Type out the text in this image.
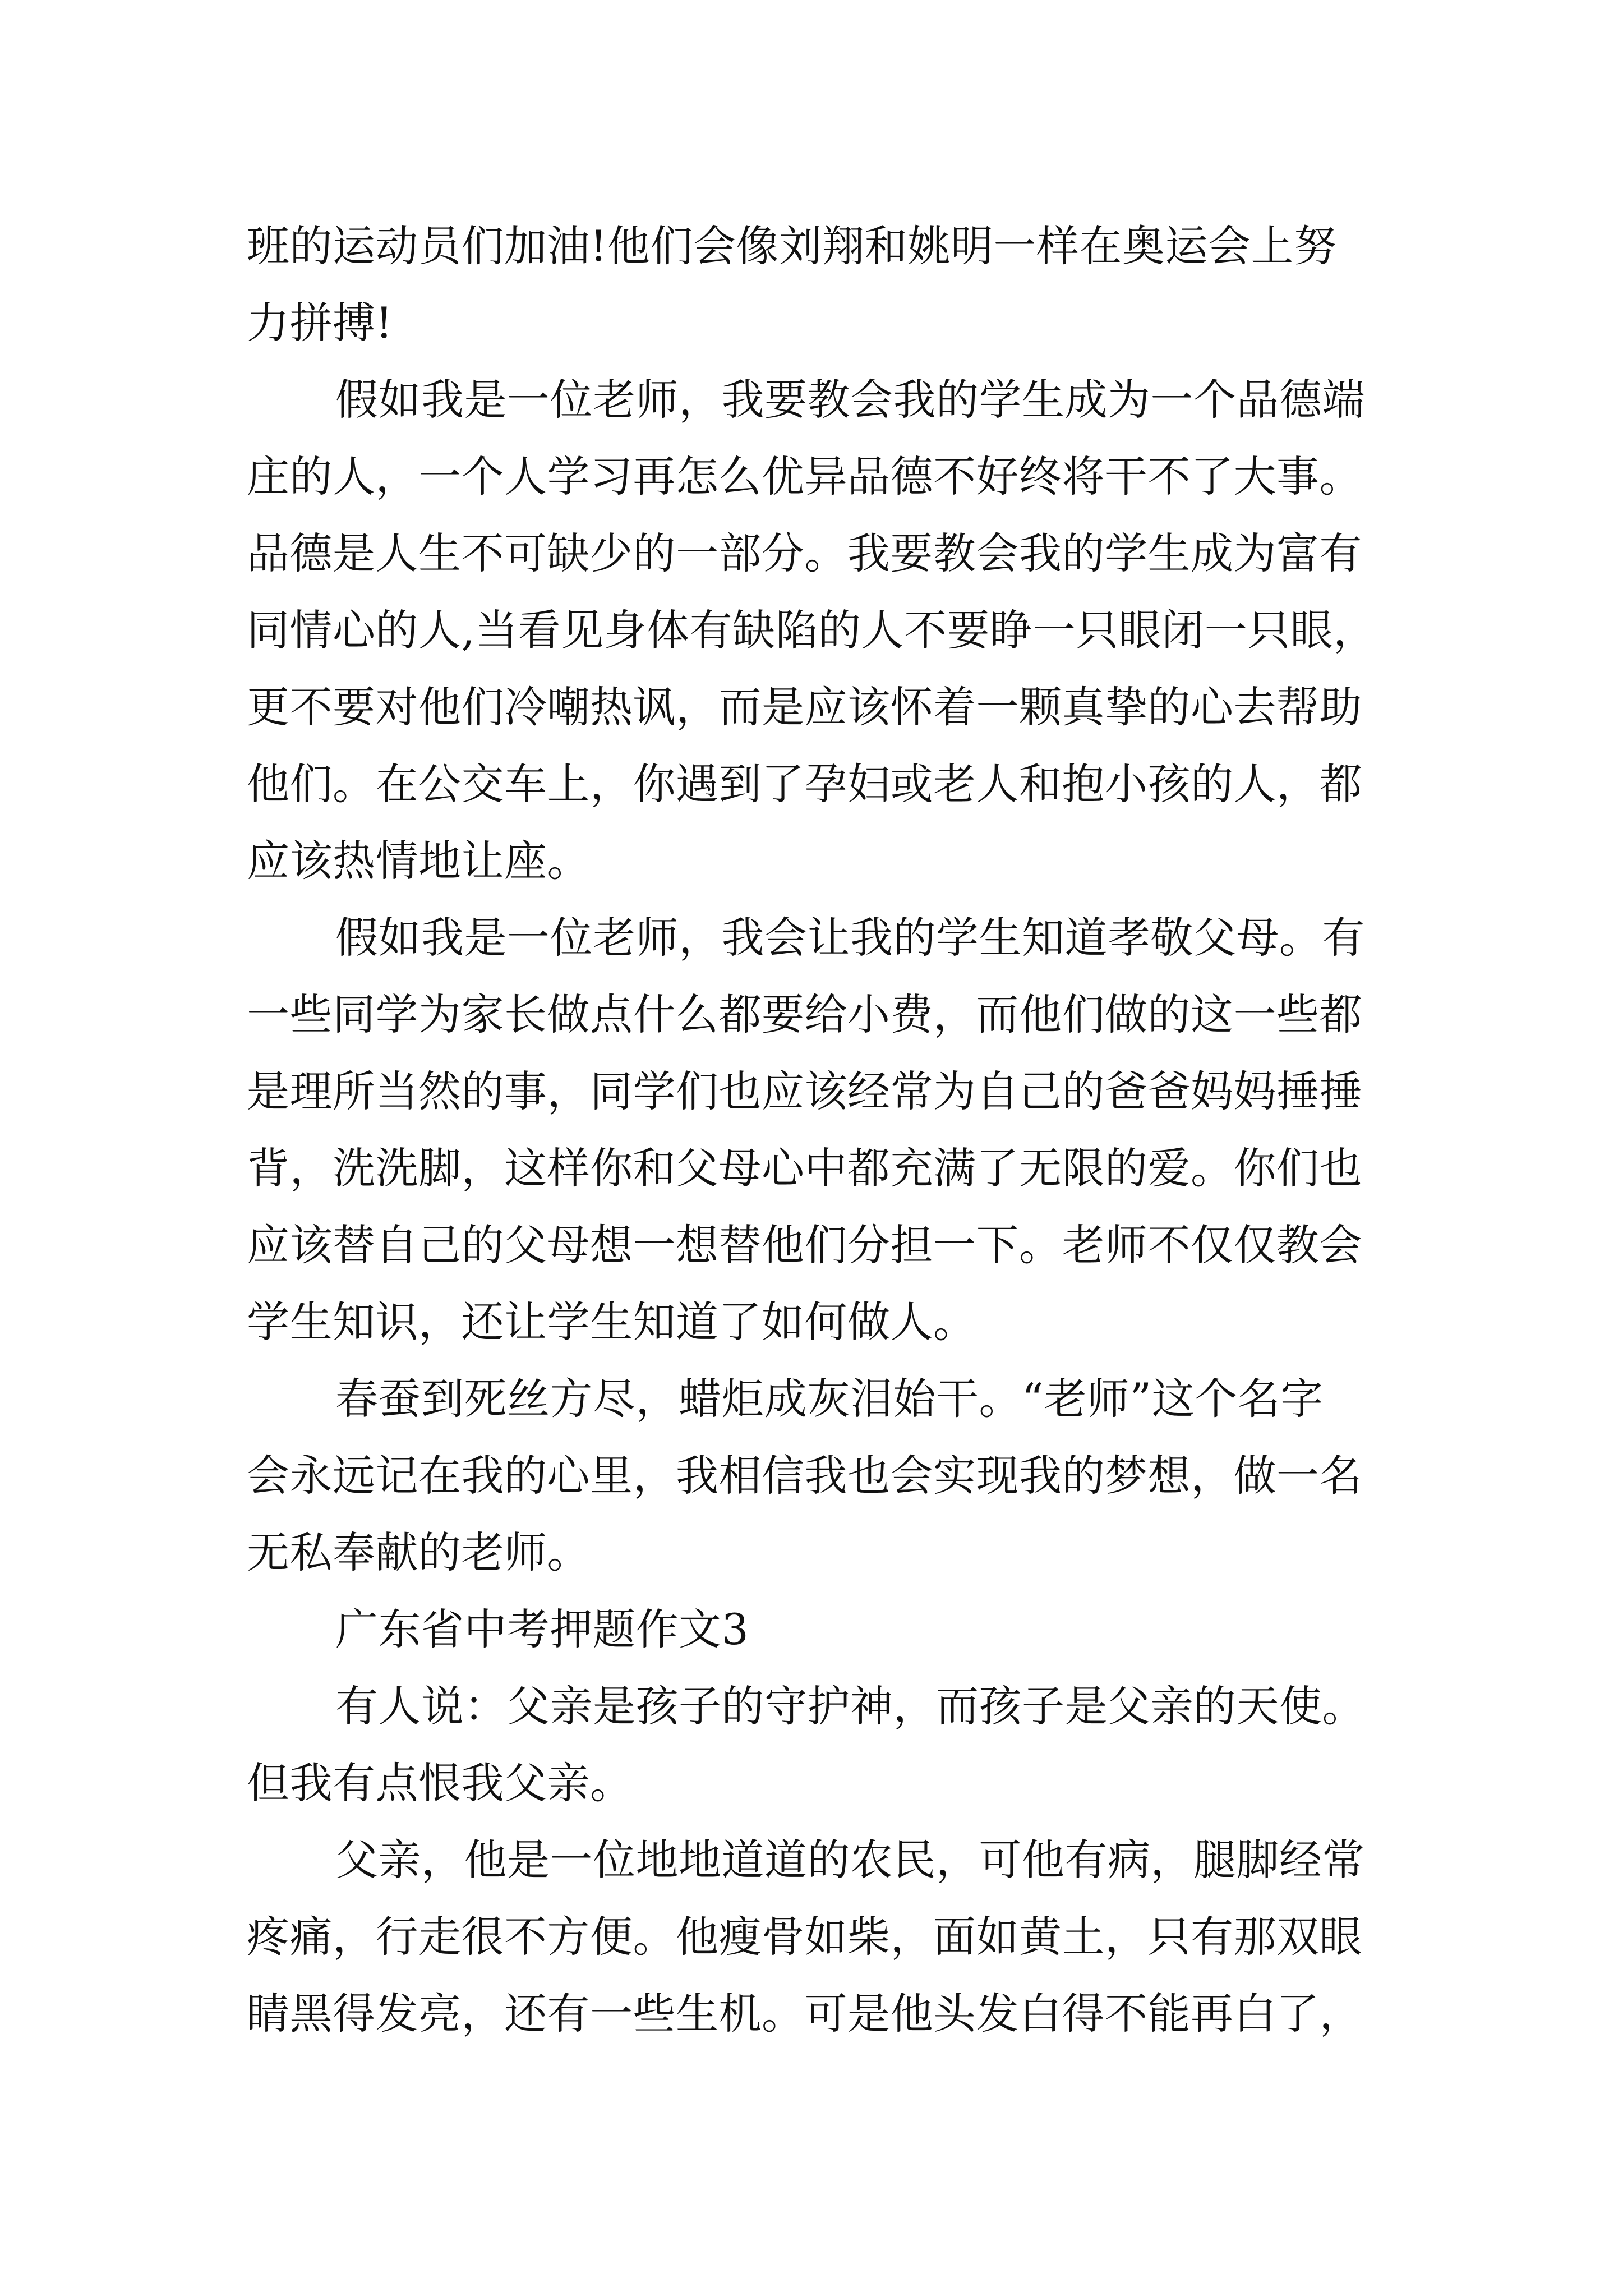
班的运动员们加油!他们会像刘翔和姚明一样在奥运会上努
力拼搏!
假如我是一位老师，我要教会我的学生成为一个品德端
庄的人，一个人学习再怎么优异品德不好终将干不了大事。
品德是人生不可缺少的一部分。我要教会我的学生成为富有
同情心的人,当看见身体有缺陷的人不要睁一只眼闭一只眼，
更不要对他们冷嘲热讽，而是应该怀着一颗真挚的心去帮助
他们。在公交车上，你遇到了孕妇或老人和抱小孩的人，都
应该热情地让座。
假如我是一位老师，我会让我的学生知道孝敬父母。有
一些同学为家长做点什么都要给小费，而他们做的这一些都
是理所当然的事，同学们也应该经常为自己的爸爸妈妈捶捶
背，洗洗脚，这样你和父母心中都充满了无限的爱。你们也
应该替自己的父母想一想替他们分担一下。老师不仅仅教会
学生知识，还让学生知道了如何做人。
春蚕到死丝方尽，蜡炬成灰泪始干。“老师”这个名字
会永远记在我的心里，我相信我也会实现我的梦想，做一名
无私奉献的老师。
广东省中考押题作文3
有人说：父亲是孩子的守护神，而孩子是父亲的天使。
但我有点恨我父亲。
父亲，他是一位地地道道的农民，可他有病，腿脚经常
疼痛，行走很不方便。他瘦骨如柴，面如黄土，只有那双眼
睛黑得发亮，还有一些生机。可是他头发白得不能再白了，
